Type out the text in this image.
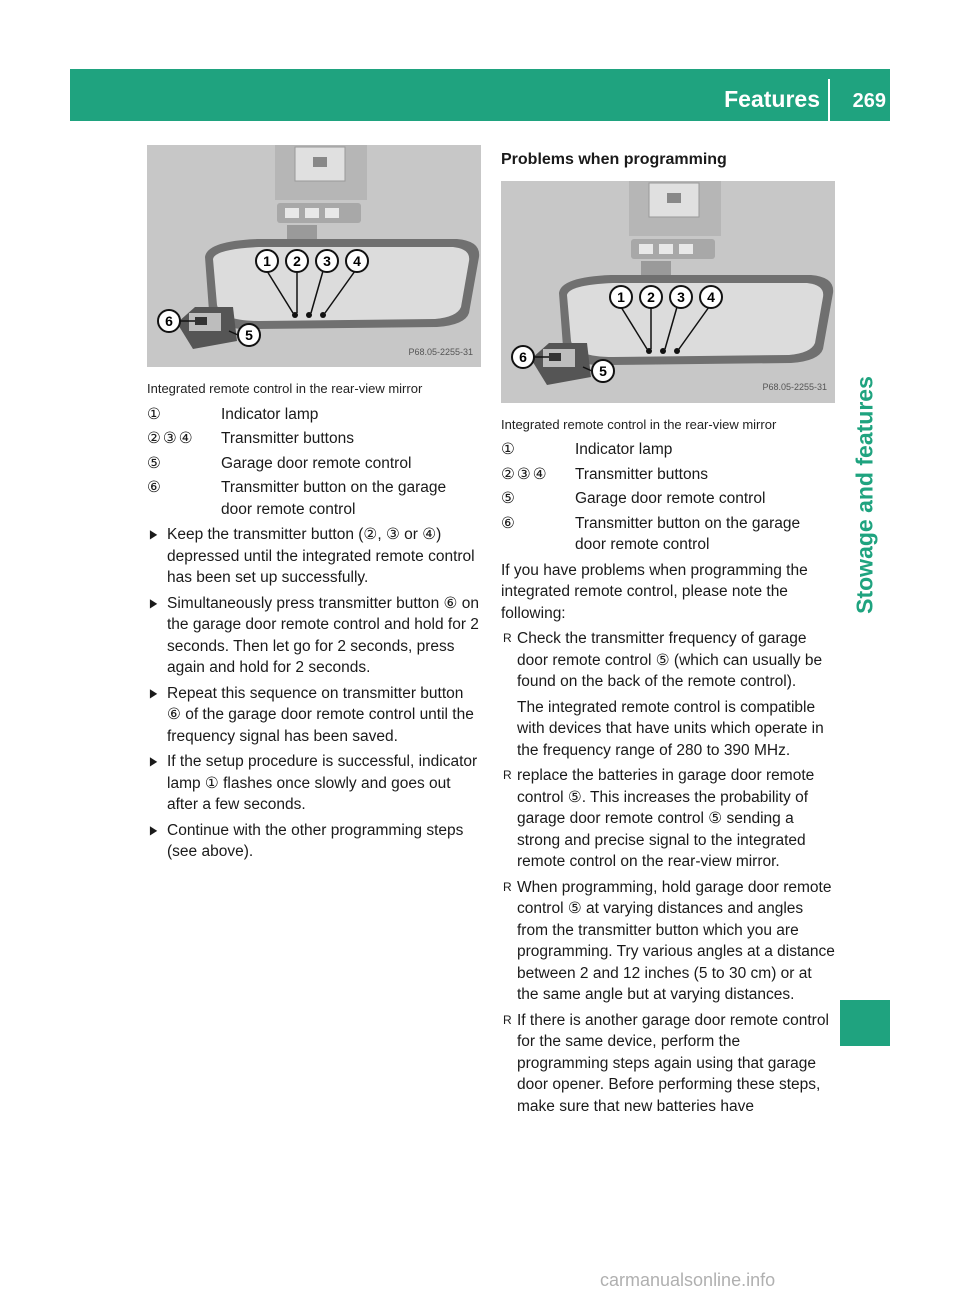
Features 269
Stowage and features
1 2 3 4
6
5
P68.05-2255-31
Integrated remote control in the rear-view mirror
①	Indicator lamp
②③④	Transmitter buttons
⑤	Garage door remote control
⑥	Transmitter button on the garage door remote control
▶ Keep the transmitter button (②, ③ or ④) depressed until the integrated remote control has been set up successfully.
▶ Simultaneously press transmitter button ⑥ on the garage door remote control and hold for 2 seconds. Then let go for 2 seconds, press again and hold for 2 seconds.
▶ Repeat this sequence on transmitter button ⑥ of the garage door remote control until the frequency signal has been saved.
▶ If the setup procedure is successful, indicator lamp ① flashes once slowly and goes out after a few seconds.
▶ Continue with the other programming steps (see above).
Problems when programming
1 2 3 4
6
5
P68.05-2255-31
Integrated remote control in the rear-view mirror
①	Indicator lamp
②③④	Transmitter buttons
⑤	Garage door remote control
⑥	Transmitter button on the garage door remote control
If you have problems when programming the integrated remote control, please note the following:
R Check the transmitter frequency of garage door remote control ⑤ (which can usually be found on the back of the remote control).
The integrated remote control is compatible with devices that have units which operate in the frequency range of 280 to 390 MHz.
R replace the batteries in garage door remote control ⑤. This increases the probability of garage door remote control ⑤ sending a strong and precise signal to the integrated remote control on the rear-view mirror.
R When programming, hold garage door remote control ⑤ at varying distances and angles from the transmitter button which you are programming. Try various angles at a distance between 2 and 12 inches (5 to 30 cm) or at the same angle but at varying distances.
R If there is another garage door remote control for the same device, perform the programming steps again using that garage door opener. Before performing these steps, make sure that new batteries have
carmanualsonline.info
